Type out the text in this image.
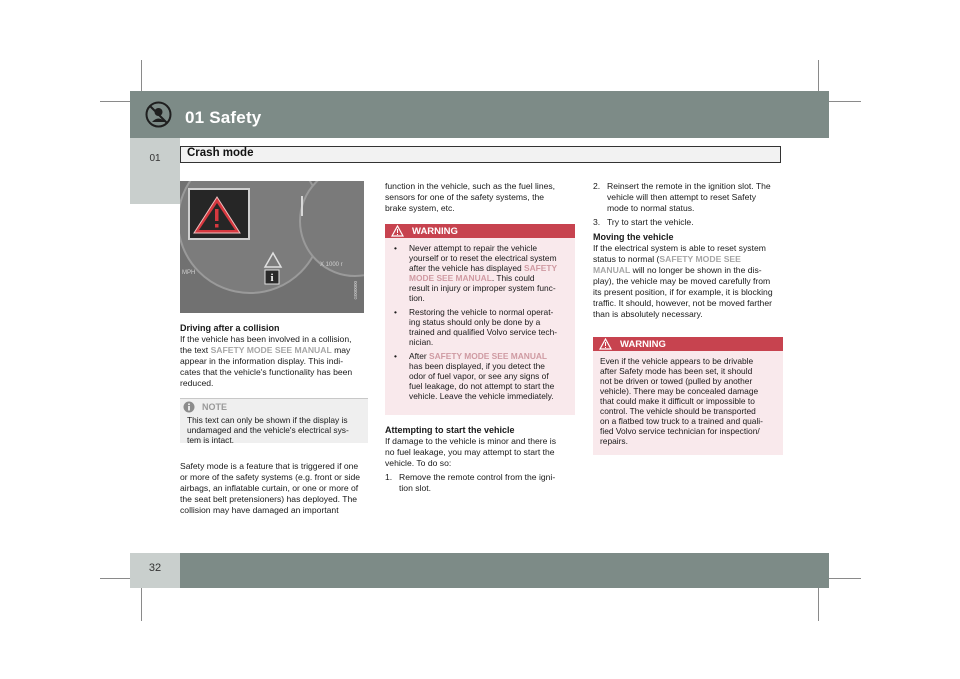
01 Safety
01	Crash mode
i
MPH
X 1000 r
G000000

Driving after a collision

If the vehicle has been involved in a collision,

the text SAFETY MODE SEE MANUAL may

appear in the information display. This indi-

cates that the vehicle's functionality has been

reduced.

NOTE

This text can only be shown if the display is

undamaged and the vehicle's electrical sys-

tem is intact.

Safety mode is a feature that is triggered if one

or more of the safety systems (e.g. front or side

airbags, an inflatable curtain, or one or more of

the seat belt pretensioners) has deployed. The

collision may have damaged an important

function in the vehicle, such as the fuel lines,

sensors for one of the safety systems, the

brake system, etc.

WARNING

• Never attempt to repair the vehicle

yourself or to reset the electrical system

after the vehicle has displayed SAFETY

MODE SEE MANUAL. This could

result in injury or improper system func-

tion.

• Restoring the vehicle to normal operat-

ing status should only be done by a

trained and qualified Volvo service tech-

nician.

• After SAFETY MODE SEE MANUAL

has been displayed, if you detect the

odor of fuel vapor, or see any signs of

fuel leakage, do not attempt to start the

vehicle. Leave the vehicle immediately.

Attempting to start the vehicle

If damage to the vehicle is minor and there is

no fuel leakage, you may attempt to start the

vehicle. To do so:

1. Remove the remote control from the igni-

tion slot.

2. Reinsert the remote in the ignition slot. The

vehicle will then attempt to reset Safety

mode to normal status.

3. Try to start the vehicle.

Moving the vehicle

If the electrical system is able to reset system

status to normal (SAFETY MODE SEE

MANUAL will no longer be shown in the dis-

play), the vehicle may be moved carefully from

its present position, if for example, it is blocking

traffic. It should, however, not be moved farther

than is absolutely necessary.

WARNING

Even if the vehicle appears to be drivable

after Safety mode has been set, it should

not be driven or towed (pulled by another

vehicle). There may be concealed damage

that could make it difficult or impossible to

control. The vehicle should be transported

on a flatbed tow truck to a trained and quali-

fied Volvo service technician for inspection/

repairs.

32
